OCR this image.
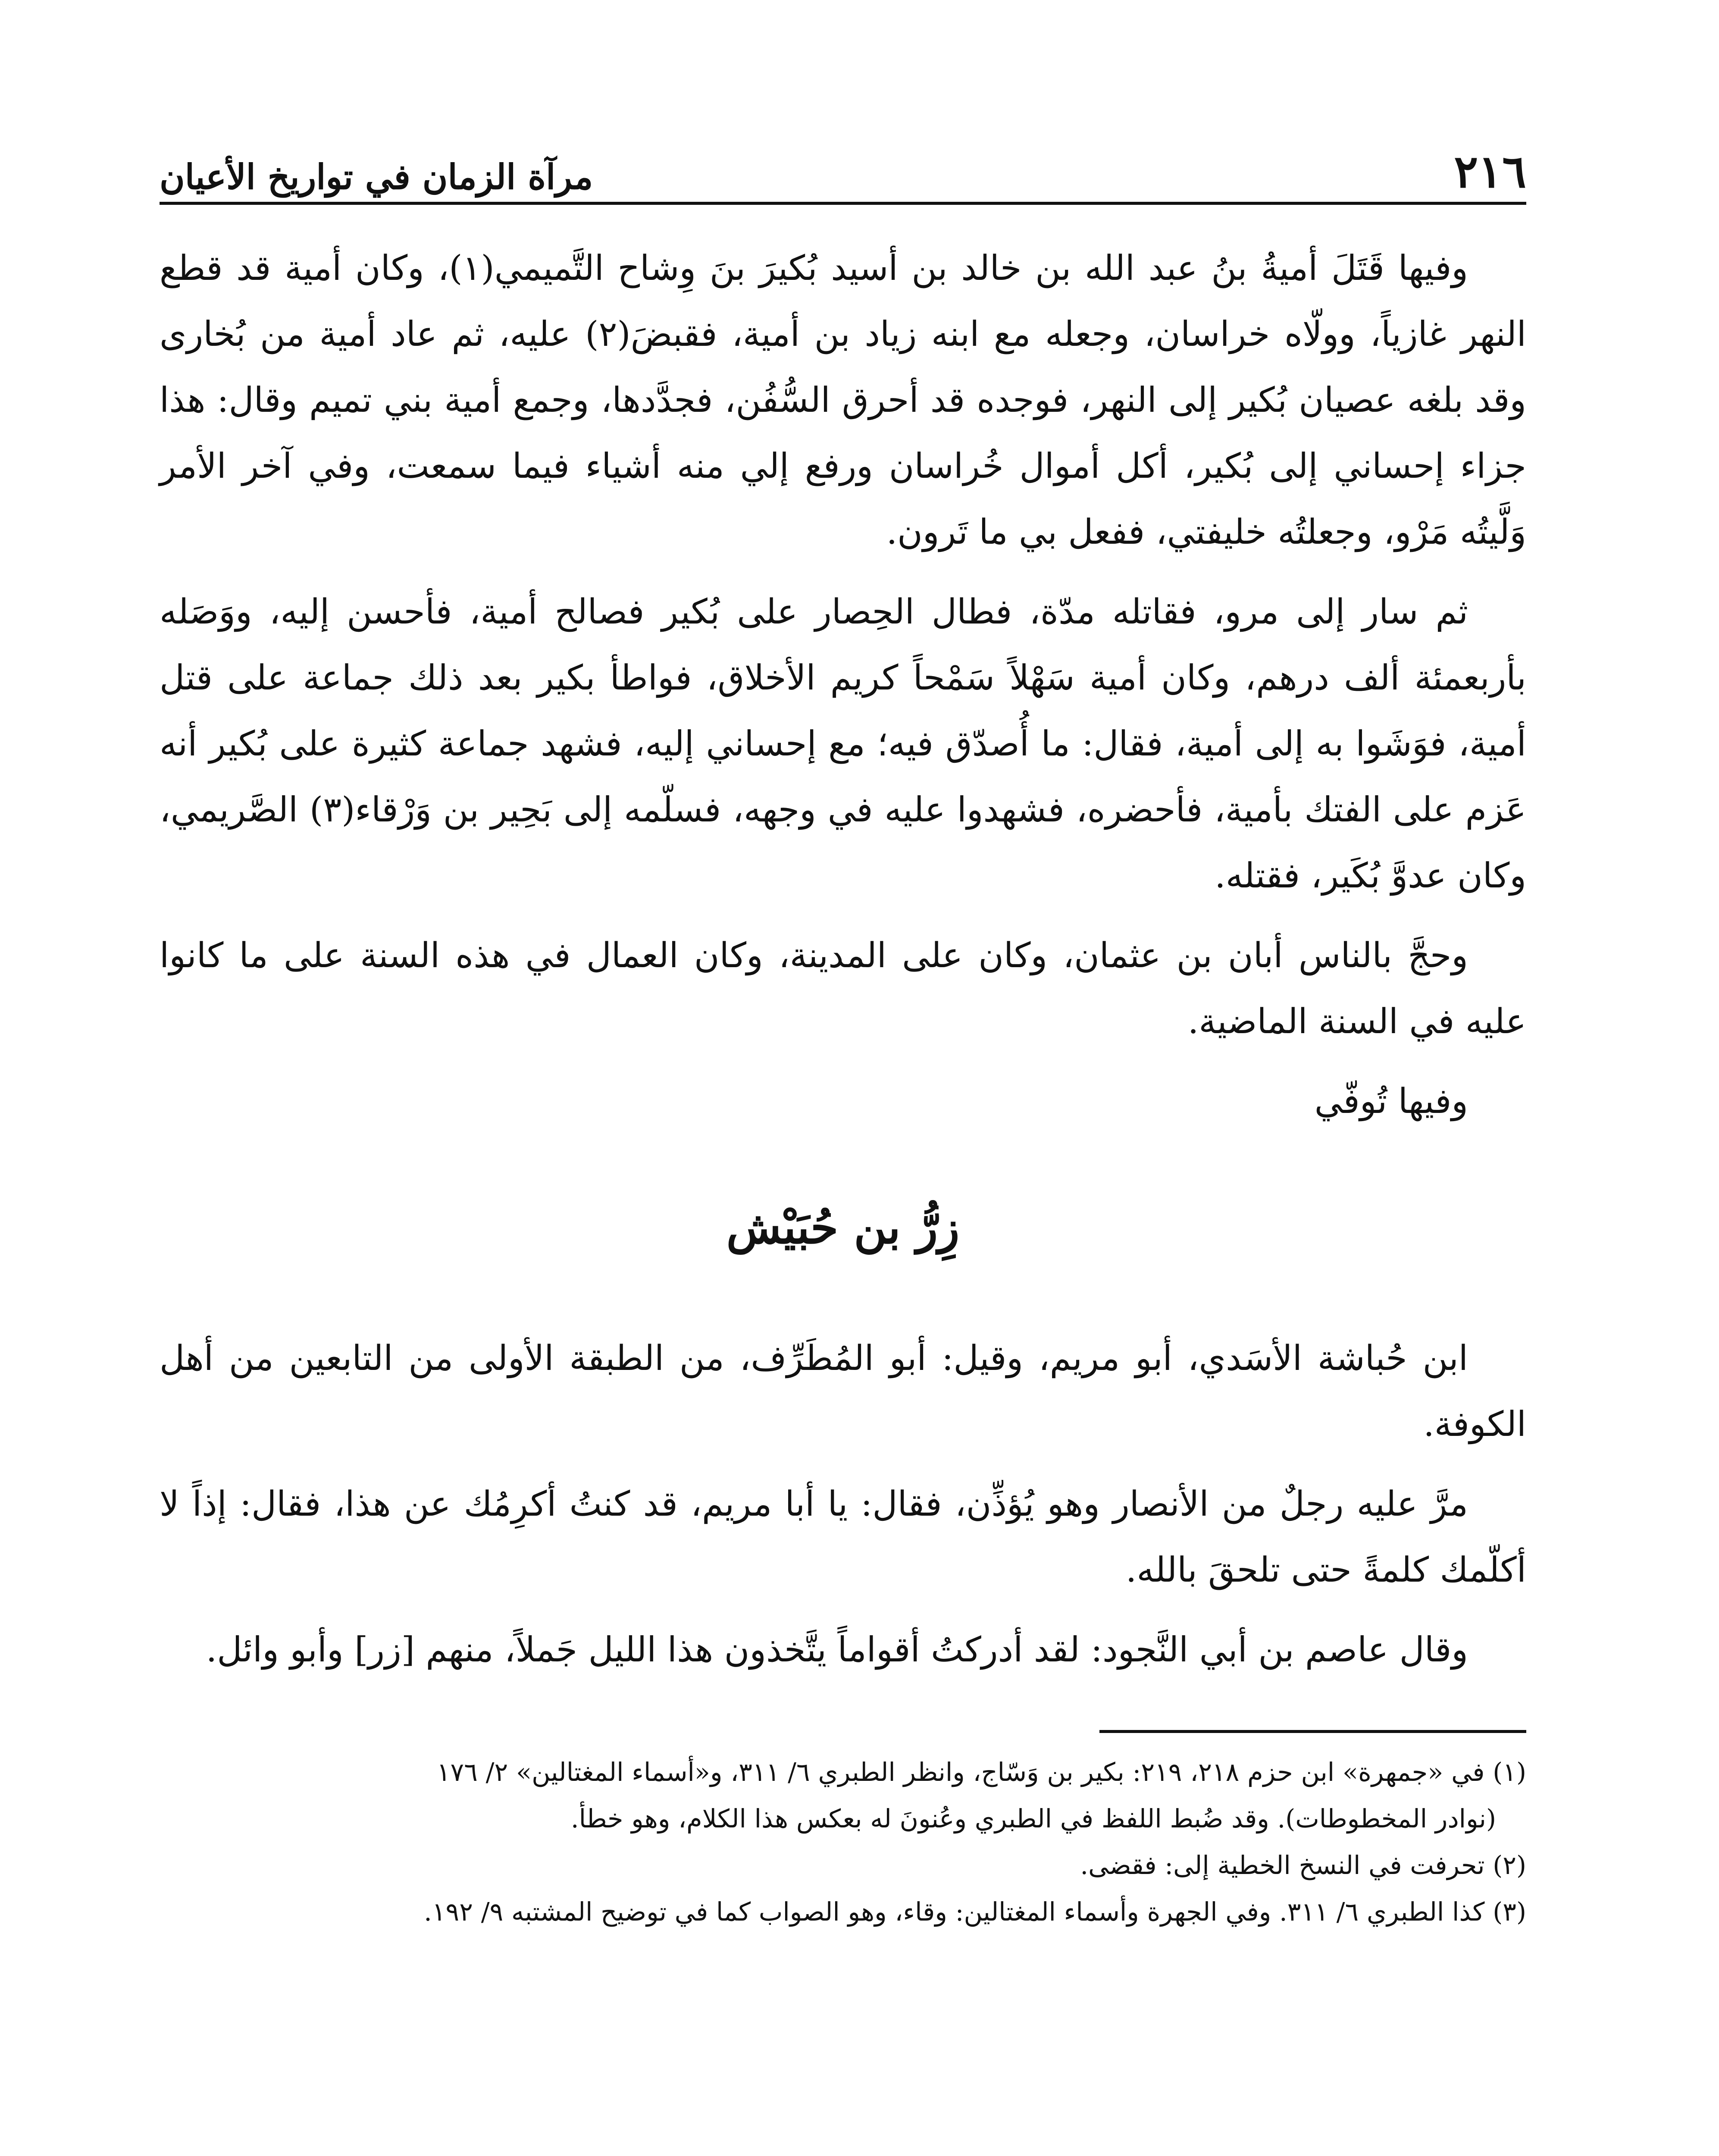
٢١٦
مرآة الزمان في تواريخ الأعيان

وفيها قَتَلَ أميةُ بنُ عبد الله بن خالد بن أسيد بُكيرَ بنَ وِشاح التَّميمي(١)، وكان أمية قد قطع النهر غازياً، وولّاه خراسان، وجعله مع ابنه زياد بن أمية، فقبضَ(٢) عليه، ثم عاد أمية من بُخارى وقد بلغه عصيان بُكير إلى النهر، فوجده قد أحرق السُّفُن، فجدَّدها، وجمع أمية بني تميم وقال: هذا جزاء إحساني إلى بُكير، أكل أموال خُراسان ورفع إلي منه أشياء فيما سمعت، وفي آخر الأمر وَلَّيتُه مَرْو، وجعلتُه خليفتي، ففعل بي ما تَرون.

ثم سار إلى مرو، فقاتله مدّة، فطال الحِصار على بُكير فصالح أمية، فأحسن إليه، ووَصَله بأربعمئة ألف درهم، وكان أمية سَهْلاً سَمْحاً كريم الأخلاق، فواطأ بكير بعد ذلك جماعة على قتل أمية، فوَشَوا به إلى أمية، فقال: ما أُصدّق فيه؛ مع إحساني إليه، فشهد جماعة كثيرة على بُكير أنه عَزم على الفتك بأمية، فأحضره، فشهدوا عليه في وجهه، فسلّمه إلى بَحِير بن وَرْقاء(٣) الصَّريمي، وكان عدوَّ بُكَير، فقتله.

وحجَّ بالناس أبان بن عثمان، وكان على المدينة، وكان العمال في هذه السنة على ما كانوا عليه في السنة الماضية.

وفيها تُوفّي

زِرُّ بن حُبَيْش

ابن حُباشة الأسَدي، أبو مريم، وقيل: أبو المُطَرِّف، من الطبقة الأولى من التابعين من أهل الكوفة.

مرَّ عليه رجلٌ من الأنصار وهو يُؤذِّن، فقال: يا أبا مريم، قد كنتُ أكرِمُك عن هذا، فقال: إذاً لا أكلّمك كلمةً حتى تلحقَ بالله.

وقال عاصم بن أبي النَّجود: لقد أدركتُ أقواماً يتَّخذون هذا الليل جَملاً، منهم [زر] وأبو وائل.

(١) في «جمهرة» ابن حزم ٢١٨، ٢١٩: بكير بن وَسّاج، وانظر الطبري ٦/ ٣١١، و«أسماء المغتالين» ٢/ ١٧٦

(نوادر المخطوطات). وقد ضُبط اللفظ في الطبري وعُنونَ له بعكس هذا الكلام، وهو خطأ.

(٢) تحرفت في النسخ الخطية إلى: فقضى.

(٣) كذا الطبري ٦/ ٣١١. وفي الجهرة وأسماء المغتالين: وقاء، وهو الصواب كما في توضيح المشتبه ٩/ ١٩٢.
